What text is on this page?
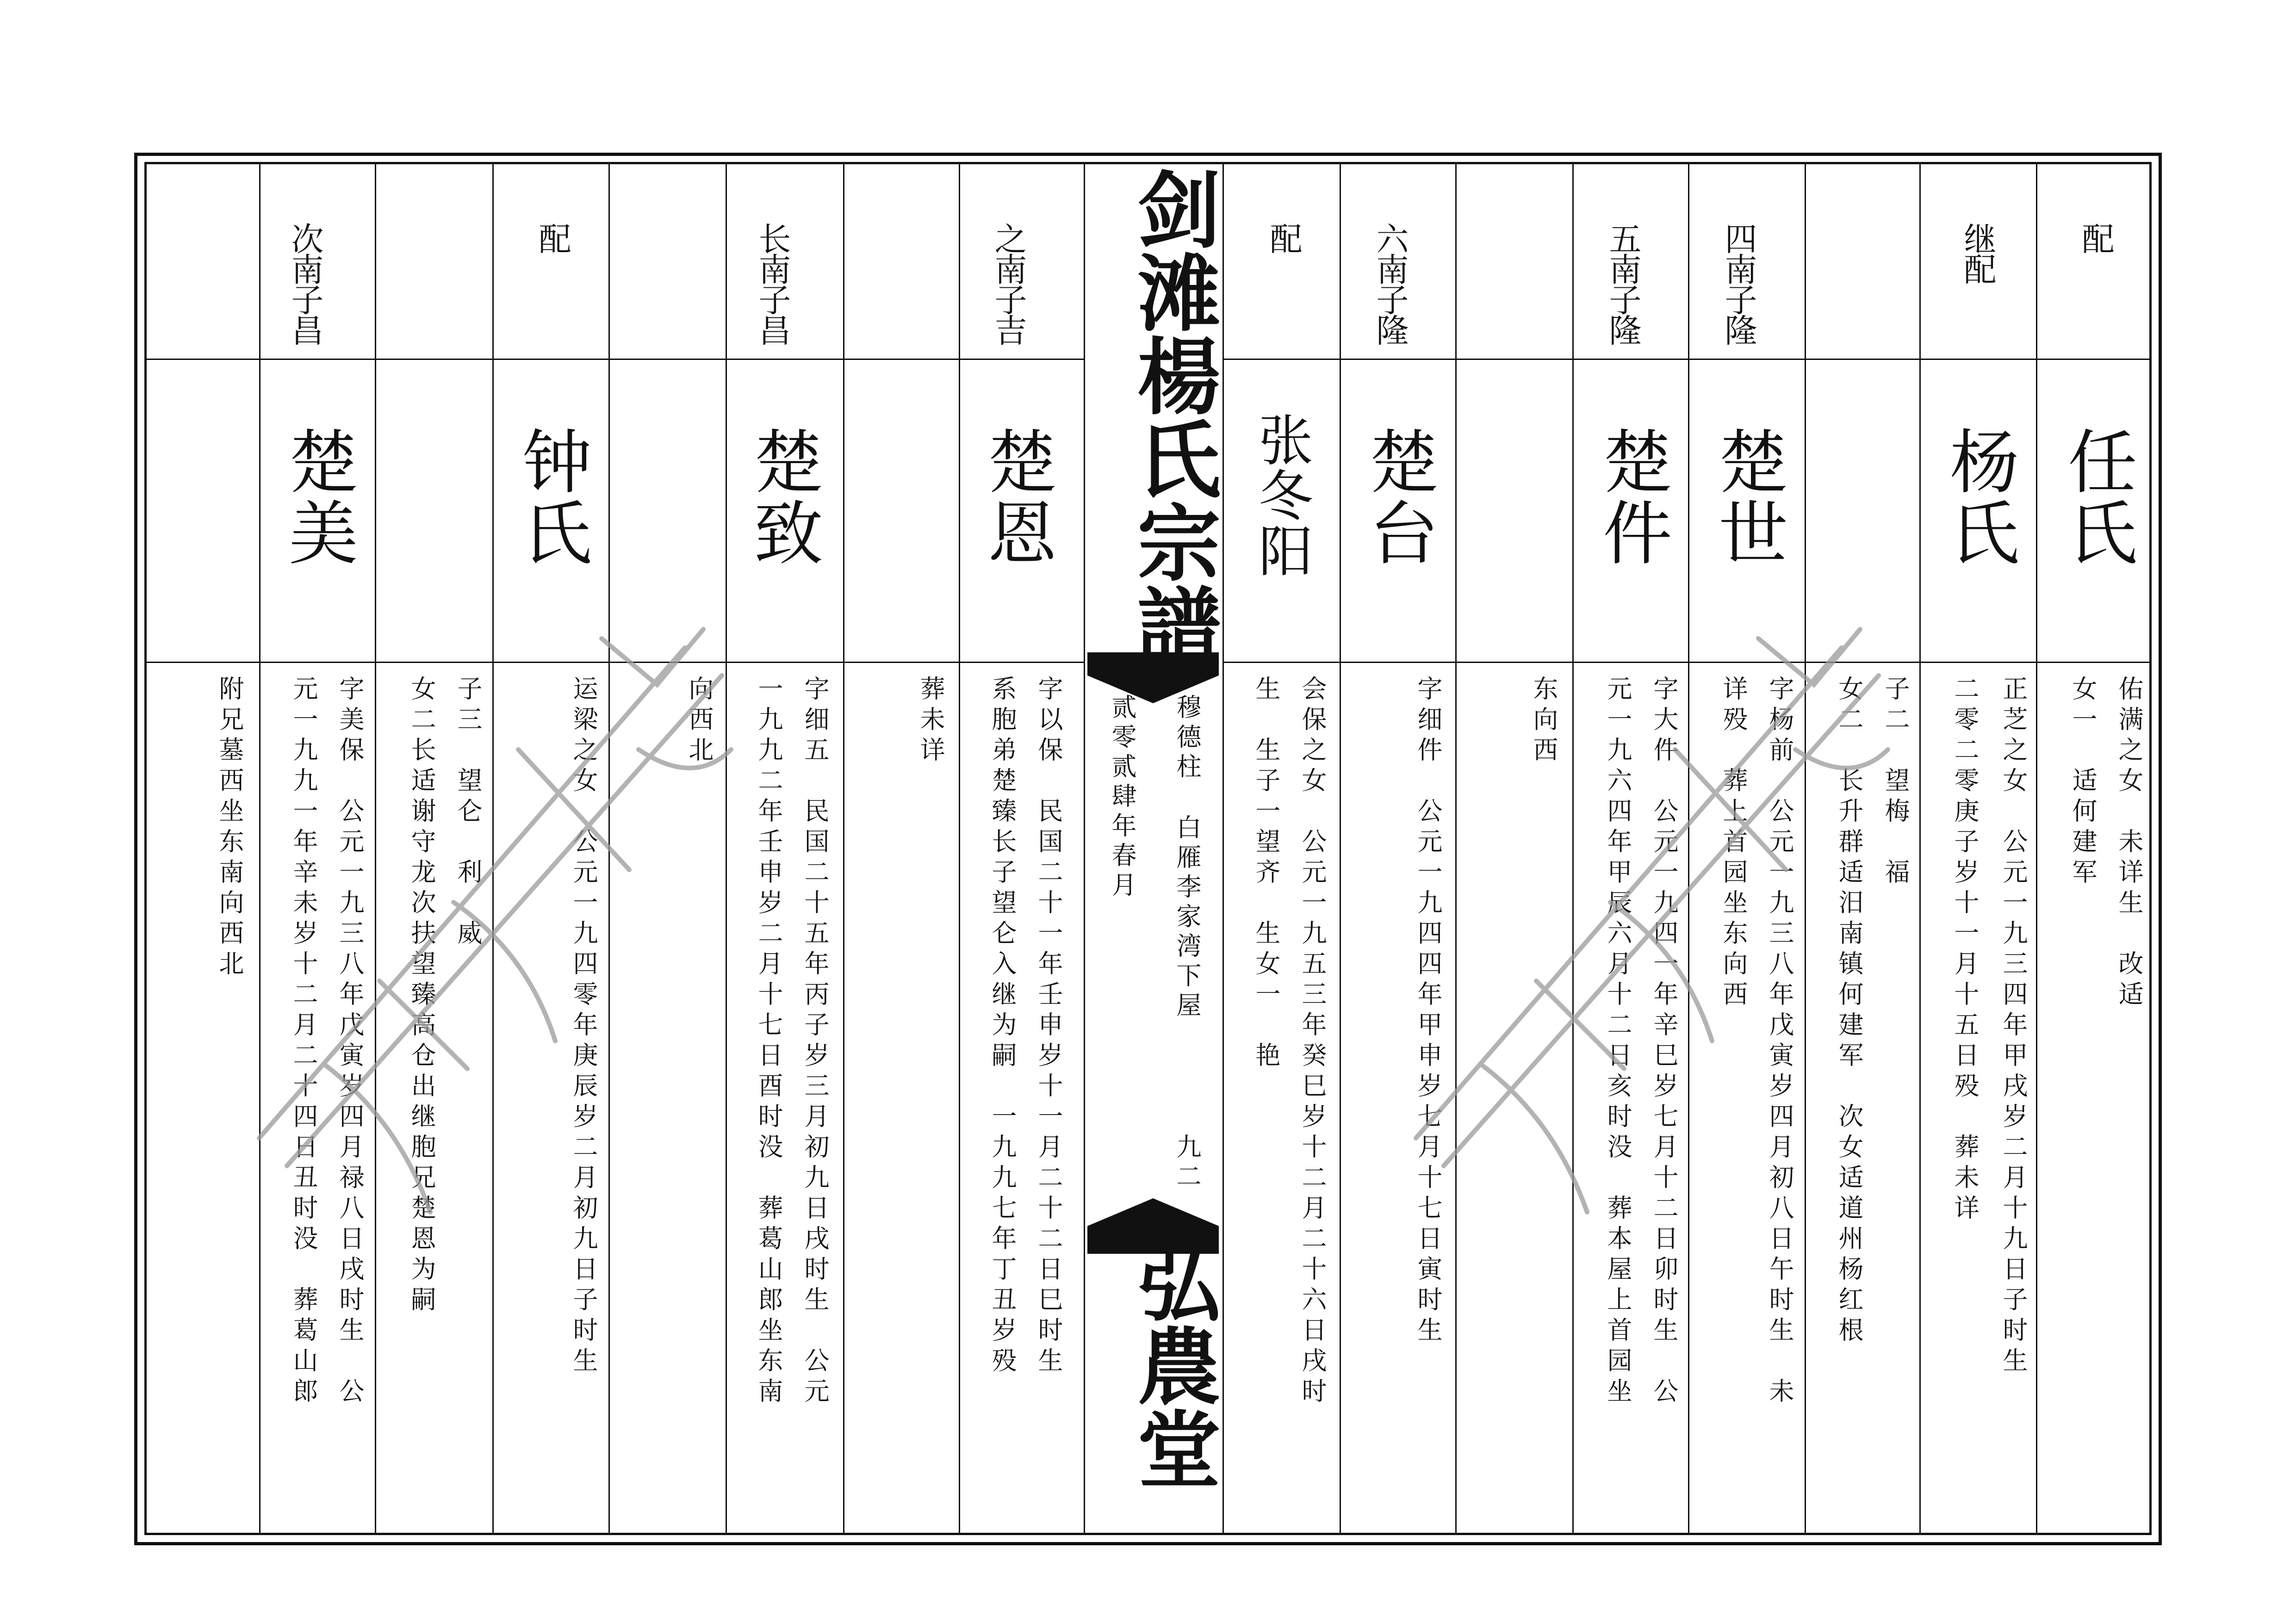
剑滩楊氏宗譜
弘農堂
穆德柱
白雁李家湾下屋
九二
贰零贰肆年春月
配
任氏
佑满之女　未详生　改适
女一　适何建军
继配
杨氏
正芝之女　公元一九三四年甲戌岁二月十九日子时生
二零二零庚子岁十一月十五日殁　葬未详
子二　望梅　福
女二　长升群适汨南镇何建军　次女适道州杨红根
四南子隆
楚世
字杨前　公元一九三八年戊寅岁四月初八日午时生　未
详殁　葬上首园坐东向西
五南子隆
楚件
字大件　公元一九四一年辛巳岁七月十二日卯时生　公
元一九六四年甲辰六月十二日亥时没　葬本屋上首园坐
东向西
六南子隆
楚台
字细件　公元一九四四年甲申岁七月十七日寅时生
配
张冬阳
会保之女　公元一九五三年癸巳岁十二月二十六日戌时
生　生子一望齐　生女一　艳
之南子吉
楚恩
字以保　民国二十一年壬申岁十一月二十二日巳时生
系胞弟楚臻长子望仑入继为嗣　一九九七年丁丑岁殁
葬未详
长南子昌
楚致
字细五　民国二十五年丙子岁三月初九日戌时生　公元
一九九二年壬申岁二月十七日酉时没　葬葛山郎坐东南
向西北
配
钟氏
运梁之女　公元一九四零年庚辰岁二月初九日子时生
子三　望仑　利　威
女二长适谢守龙次扶望臻高仓出继胞兄楚恩为嗣
次南子昌
楚美
字美保　公元一九三八年戊寅岁四月禄八日戌时生　公
元一九九一年辛未岁十二月二十四日丑时没　葬葛山郎
附兄墓西坐东南向西北
